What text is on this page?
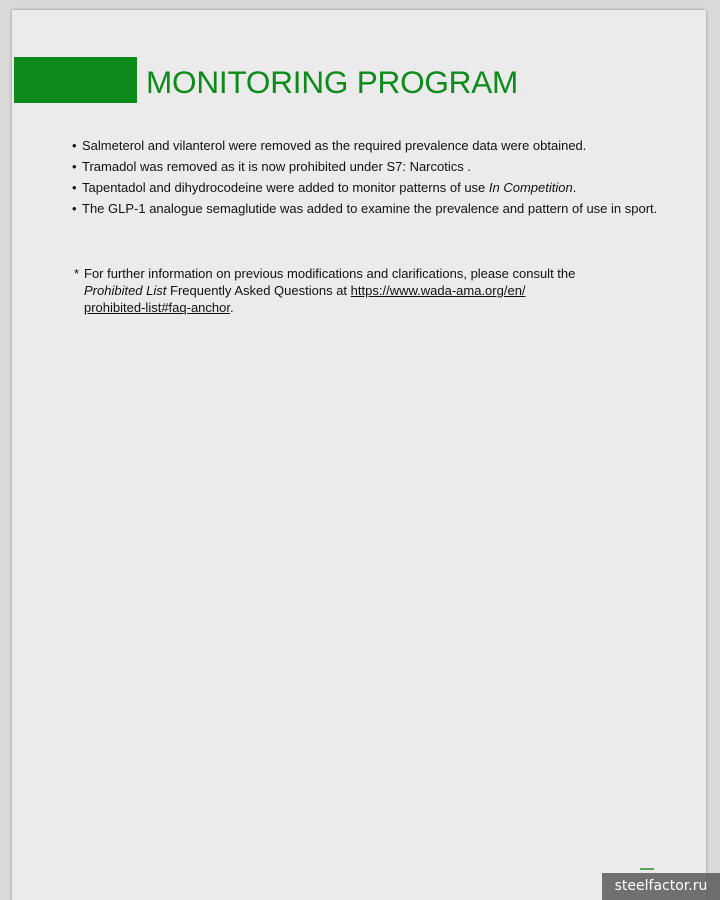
MONITORING PROGRAM
• Salmeterol and vilanterol were removed as the required prevalence data were obtained.
• Tramadol was removed as it is now prohibited under S7: Narcotics .
• Tapentadol and dihydrocodeine were added to monitor patterns of use In Competition.
• The GLP-1 analogue semaglutide was added to examine the prevalence and pattern of use in sport.
* For further information on previous modifications and clarifications, please consult the Prohibited List Frequently Asked Questions at https://www.wada-ama.org/en/
prohibited-list#faq-anchor.
steelfactor.ru
